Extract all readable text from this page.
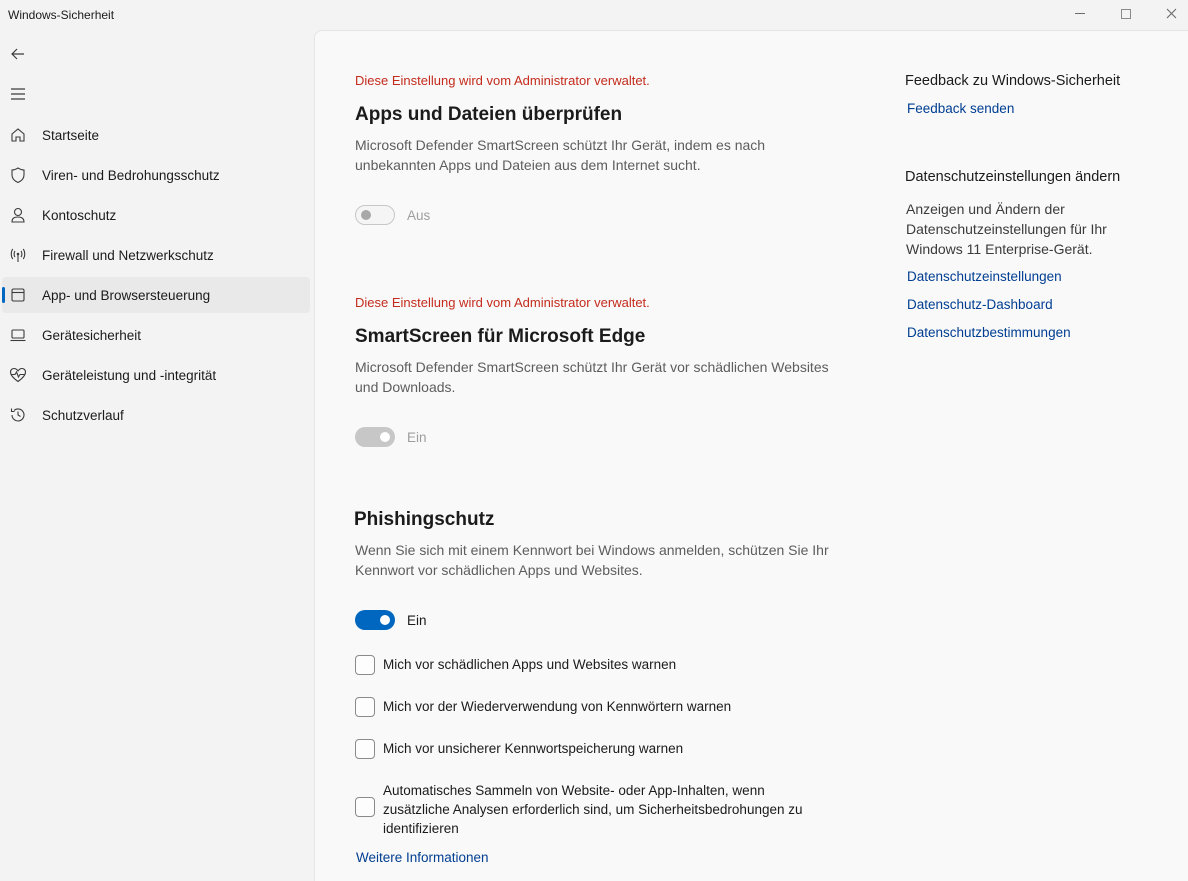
Windows-Sicherheit
Startseite
Viren- und Bedrohungsschutz
Kontoschutz
Firewall und Netzwerkschutz
App- und Browsersteuerung
Gerätesicherheit
Geräteleistung und -integrität
Schutzverlauf
Diese Einstellung wird vom Administrator verwaltet.
Apps und Dateien überprüfen
Microsoft Defender SmartScreen schützt Ihr Gerät, indem es nach unbekannten Apps und Dateien aus dem Internet sucht.
Aus
Diese Einstellung wird vom Administrator verwaltet.
SmartScreen für Microsoft Edge
Microsoft Defender SmartScreen schützt Ihr Gerät vor schädlichen Websites und Downloads.
Ein
Phishingschutz
Wenn Sie sich mit einem Kennwort bei Windows anmelden, schützen Sie Ihr Kennwort vor schädlichen Apps und Websites.
Ein
Mich vor schädlichen Apps und Websites warnen
Mich vor der Wiederverwendung von Kennwörtern warnen
Mich vor unsicherer Kennwortspeicherung warnen
Automatisches Sammeln von Website- oder App-Inhalten, wenn zusätzliche Analysen erforderlich sind, um Sicherheitsbedrohungen zu identifizieren
Weitere Informationen
Feedback zu Windows-Sicherheit
Feedback senden
Datenschutzeinstellungen ändern
Anzeigen und Ändern der Datenschutzeinstellungen für Ihr Windows 11 Enterprise-Gerät.
Datenschutzeinstellungen
Datenschutz-Dashboard
Datenschutzbestimmungen
